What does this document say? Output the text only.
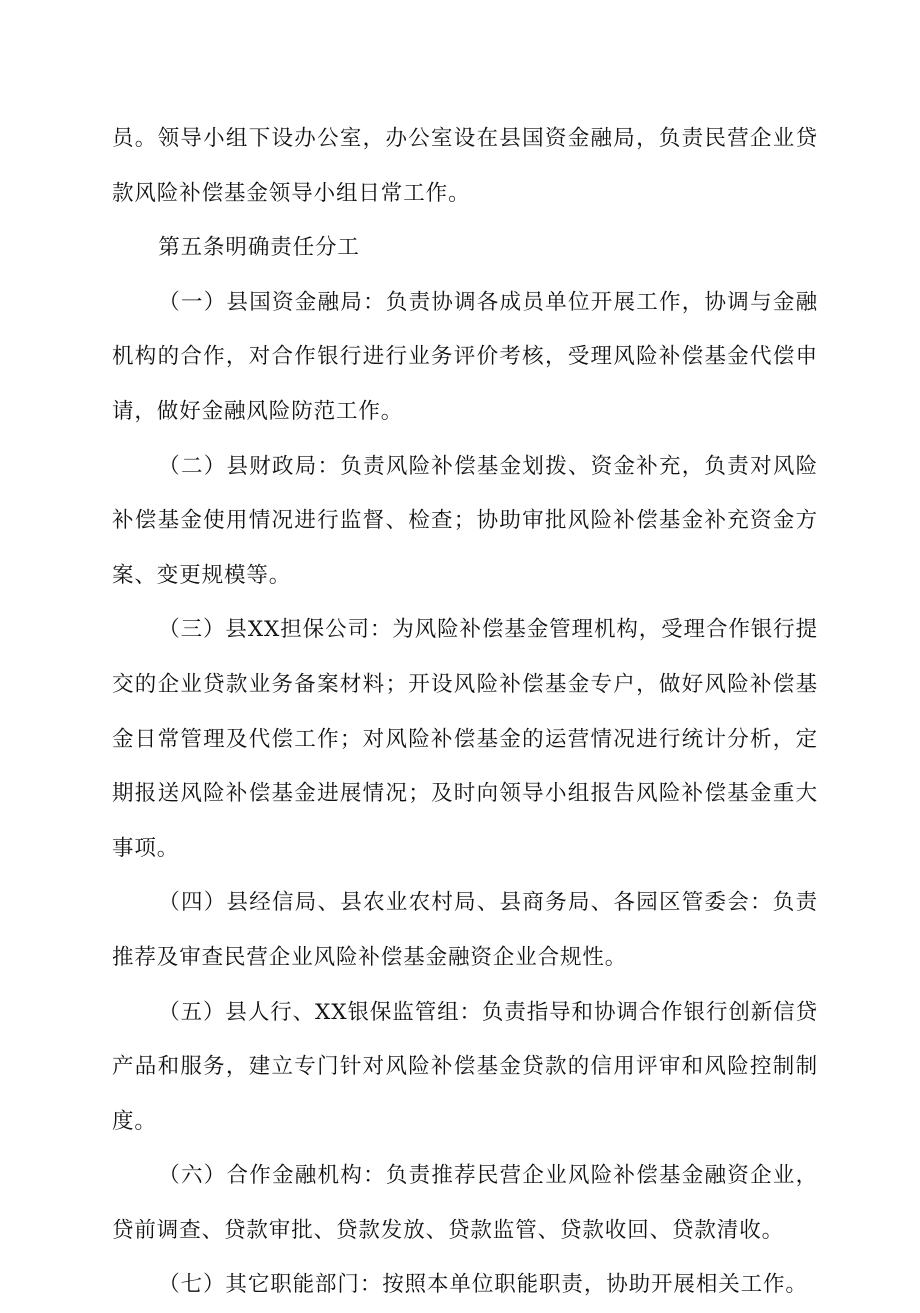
员。领导小组下设办公室，办公室设在县国资金融局，负责民营企业贷款风险补偿基金领导小组日常工作。

第五条明确责任分工

（一）县国资金融局：负责协调各成员单位开展工作，协调与金融机构的合作，对合作银行进行业务评价考核，受理风险补偿基金代偿申请，做好金融风险防范工作。

（二）县财政局：负责风险补偿基金划拨、资金补充，负责对风险补偿基金使用情况进行监督、检查；协助审批风险补偿基金补充资金方案、变更规模等。

（三）县XX担保公司：为风险补偿基金管理机构，受理合作银行提交的企业贷款业务备案材料；开设风险补偿基金专户，做好风险补偿基金日常管理及代偿工作；对风险补偿基金的运营情况进行统计分析，定期报送风险补偿基金进展情况；及时向领导小组报告风险补偿基金重大事项。

（四）县经信局、县农业农村局、县商务局、各园区管委会：负责推荐及审查民营企业风险补偿基金融资企业合规性。

（五）县人行、XX银保监管组：负责指导和协调合作银行创新信贷产品和服务，建立专门针对风险补偿基金贷款的信用评审和风险控制制度。

（六）合作金融机构：负责推荐民营企业风险补偿基金融资企业，贷前调查、贷款审批、贷款发放、贷款监管、贷款收回、贷款清收。

（七）其它职能部门：按照本单位职能职责，协助开展相关工作。
